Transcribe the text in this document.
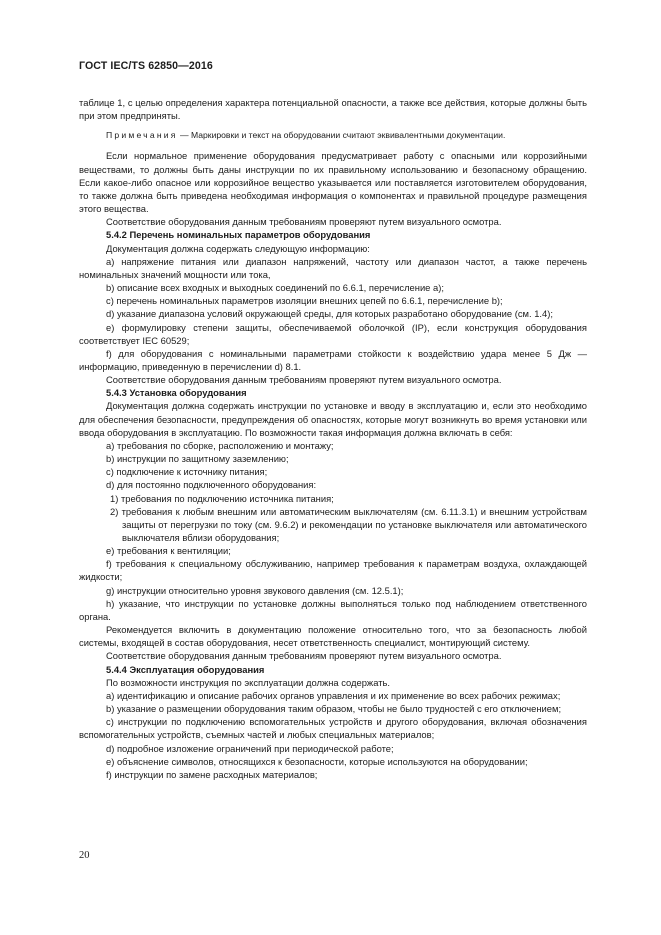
ГОСТ IEC/TS 62850—2016

таблице 1, с целью определения характера потенциальной опасности, а также все действия, которые должны быть при этом предприняты.

Примечания — Маркировки и текст на оборудовании считают эквивалентными документации.

Если нормальное применение оборудования предусматривает работу с опасными или коррозийными веществами, то должны быть даны инструкции по их правильному использованию и безопасному обращению. Если какое-либо опасное или коррозийное вещество указывается или поставляется изготовителем оборудования, то также должна быть приведена необходимая информация о компонентах и правильной процедуре размещения этого вещества.

Соответствие оборудования данным требованиям проверяют путем визуального осмотра.

5.4.2 Перечень номинальных параметров оборудования

Документация должна содержать следующую информацию:

a) напряжение питания или диапазон напряжений, частоту или диапазон частот, а также перечень номинальных значений мощности или тока,

b) описание всех входных и выходных соединений по 6.6.1, перечисление а);

c) перечень номинальных параметров изоляции внешних цепей по 6.6.1, перечисление b);

d) указание диапазона условий окружающей среды, для которых разработано оборудование (см. 1.4);

e) формулировку степени защиты, обеспечиваемой оболочкой (IP), если конструкция оборудования соответствует IEC 60529;

f) для оборудования с номинальными параметрами стойкости к воздействию удара менее 5 Дж — информацию, приведенную в перечислении d) 8.1.

Соответствие оборудования данным требованиям проверяют путем визуального осмотра.

5.4.3 Установка оборудования

Документация должна содержать инструкции по установке и вводу в эксплуатацию и, если это необходимо для обеспечения безопасности, предупреждения об опасностях, которые могут возникнуть во время установки или ввода оборудования в эксплуатацию. По возможности такая информация должна включать в себя:

a) требования по сборке, расположению и монтажу;

b) инструкции по защитному заземлению;

c) подключение к источнику питания;

d) для постоянно подключенного оборудования:

1) требования по подключению источника питания;

2) требования к любым внешним или автоматическим выключателям (см. 6.11.3.1) и внешним устройствам защиты от перегрузки по току (см. 9.6.2) и рекомендации по установке выключателя или автоматического выключателя вблизи оборудования;

e) требования к вентиляции;

f) требования к специальному обслуживанию, например требования к параметрам воздуха, охлаждающей жидкости;

g) инструкции относительно уровня звукового давления (см. 12.5.1);

h) указание, что инструкции по установке должны выполняться только под наблюдением ответственного органа.

Рекомендуется включить в документацию положение относительно того, что за безопасность любой системы, входящей в состав оборудования, несет ответственность специалист, монтирующий систему.

Соответствие оборудования данным требованиям проверяют путем визуального осмотра.

5.4.4 Эксплуатация оборудования

По возможности инструкция по эксплуатации должна содержать.

a) идентификацию и описание рабочих органов управления и их применение во всех рабочих режимах;

b) указание о размещении оборудования таким образом, чтобы не было трудностей с его отключением;

c) инструкции по подключению вспомогательных устройств и другого оборудования, включая обозначения вспомогательных устройств, съемных частей и любых специальных материалов;

d) подробное изложение ограничений при периодической работе;

e) объяснение символов, относящихся к безопасности, которые используются на оборудовании;

f) инструкции по замене расходных материалов;

20
